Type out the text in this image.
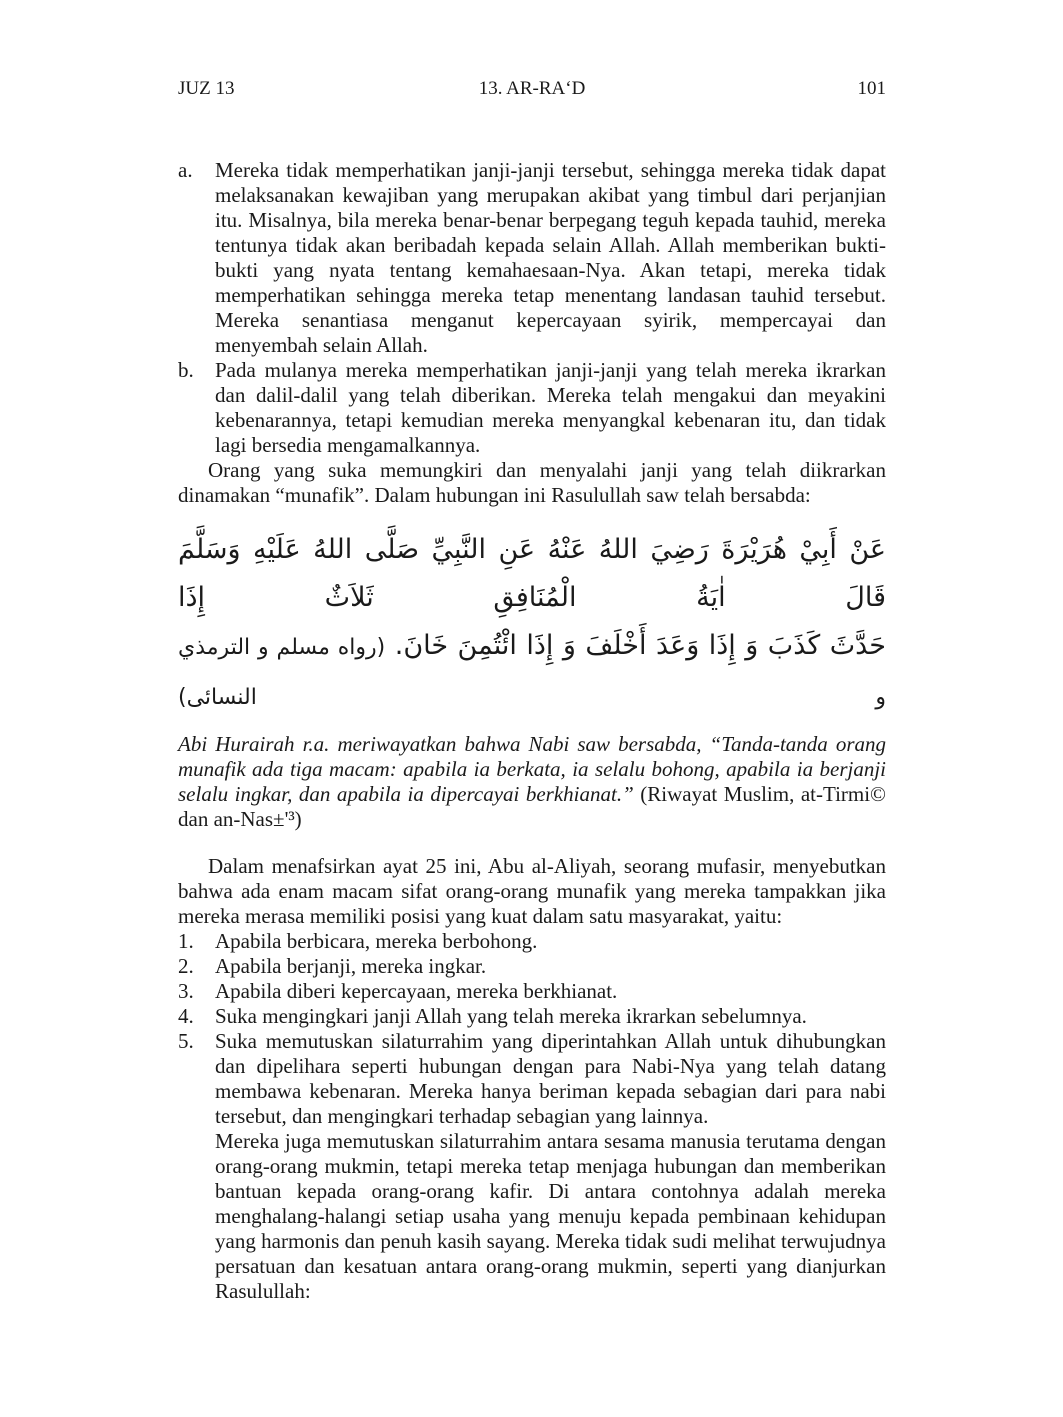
JUZ 13	13. AR-RA‘D	101
a. Mereka tidak memperhatikan janji-janji tersebut, sehingga mereka tidak dapat melaksanakan kewajiban yang merupakan akibat yang timbul dari perjanjian itu. Misalnya, bila mereka benar-benar berpegang teguh kepada tauhid, mereka tentunya tidak akan beribadah kepada selain Allah. Allah memberikan bukti-bukti yang nyata tentang kemahaesaan-Nya. Akan tetapi, mereka tidak memperhatikan sehingga mereka tetap menentang landasan tauhid tersebut. Mereka senantiasa menganut kepercayaan syirik, mempercayai dan menyembah selain Allah.
b. Pada mulanya mereka memperhatikan janji-janji yang telah mereka ikrarkan dan dalil-dalil yang telah diberikan. Mereka telah mengakui dan meyakini kebenarannya, tetapi kemudian mereka menyangkal kebenaran itu, dan tidak lagi bersedia mengamalkannya.

Orang yang suka memungkiri dan menyalahi janji yang telah diikrarkan dinamakan “munafik”. Dalam hubungan ini Rasulullah saw telah bersabda:

عَنْ أَبِيْ هُرَيْرَةَ رَضِيَ اللهُ عَنْهُ عَنِ النَّبِيِّ صَلَّى اللهُ عَلَيْهِ وَسَلَّمَ قَالَ اٰيَةُ الْمُنَافِقِ ثَلاَثٌ إِذَا
حَدَّثَ كَذَبَ وَ إِذَا وَعَدَ أَخْلَفَ وَ إِذَا ائْتُمِنَ خَانَ. (رواه مسلم و الترمذي و النسائى)

Abi Hurairah r.a. meriwayatkan bahwa Nabi saw bersabda, “Tanda-tanda orang munafik ada tiga macam: apabila ia berkata, ia selalu bohong, apabila ia berjanji selalu ingkar, dan apabila ia dipercayai berkhianat.” (Riwayat Muslim, at-Tirmi© dan an-Nas±'³)

Dalam menafsirkan ayat 25 ini, Abu al-Aliyah, seorang mufasir, menyebutkan bahwa ada enam macam sifat orang-orang munafik yang mereka tampakkan jika mereka merasa memiliki posisi yang kuat dalam satu masyarakat, yaitu:

1. Apabila berbicara, mereka berbohong.
2. Apabila berjanji, mereka ingkar.
3. Apabila diberi kepercayaan, mereka berkhianat.
4. Suka mengingkari janji Allah yang telah mereka ikrarkan sebelumnya.
5. Suka memutuskan silaturrahim yang diperintahkan Allah untuk dihubungkan dan dipelihara seperti hubungan dengan para Nabi-Nya yang telah datang membawa kebenaran. Mereka hanya beriman kepada sebagian dari para nabi tersebut, dan mengingkari terhadap sebagian yang lainnya.

Mereka juga memutuskan silaturrahim antara sesama manusia terutama dengan orang-orang mukmin, tetapi mereka tetap menjaga hubungan dan memberikan bantuan kepada orang-orang kafir. Di antara contohnya adalah mereka menghalang-halangi setiap usaha yang menuju kepada pembinaan kehidupan yang harmonis dan penuh kasih sayang. Mereka tidak sudi melihat terwujudnya persatuan dan kesatuan antara orang-orang mukmin, seperti yang dianjurkan Rasulullah:
